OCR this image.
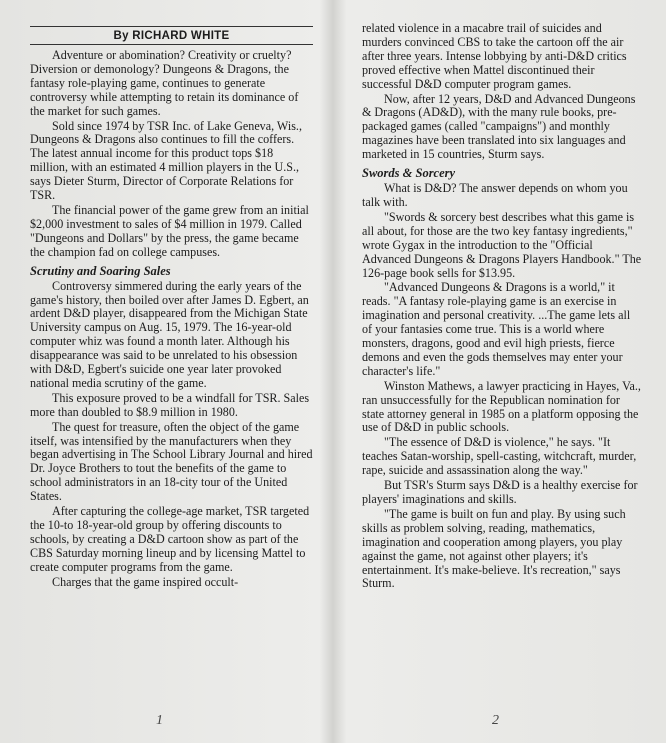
By RICHARD WHITE

Adventure or abomination? Creativity or cruelty? Diversion or demonology? Dungeons & Dragons, the fantasy role-playing game, continues to generate controversy while attempting to retain its dominance of the market for such games.

Sold since 1974 by TSR Inc. of Lake Geneva, Wis., Dungeons & Dragons also continues to fill the coffers. The latest annual income for this product tops $18 million, with an estimated 4 million players in the U.S., says Dieter Sturm, Director of Corporate Relations for TSR.

The financial power of the game grew from an initial $2,000 investment to sales of $4 million in 1979. Called "Dungeons and Dollars" by the press, the game became the champion fad on college campuses.

Scrutiny and Soaring Sales

Controversy simmered during the early years of the game's history, then boiled over after James D. Egbert, an ardent D&D player, disappeared from the Michigan State University campus on Aug. 15, 1979. The 16-year-old computer whiz was found a month later. Although his disappearance was said to be unrelated to his obsession with D&D, Egbert's suicide one year later provoked national media scrutiny of the game.

This exposure proved to be a windfall for TSR. Sales more than doubled to $8.9 million in 1980.

The quest for treasure, often the object of the game itself, was intensified by the manufacturers when they began advertising in The School Library Journal and hired Dr. Joyce Brothers to tout the benefits of the game to school administrators in an 18-city tour of the United States.

After capturing the college-age market, TSR targeted the 10-to 18-year-old group by offering discounts to schools, by creating a D&D cartoon show as part of the CBS Saturday morning lineup and by licensing Mattel to create computer programs from the game.

Charges that the game inspired occult-

related violence in a macabre trail of suicides and murders convinced CBS to take the cartoon off the air after three years. Intense lobbying by anti-D&D critics proved effective when Mattel discontinued their successful D&D computer program games.

Now, after 12 years, D&D and Advanced Dungeons & Dragons (AD&D), with the many rule books, pre-packaged games (called "campaigns") and monthly magazines have been translated into six languages and marketed in 15 countries, Sturm says.

Swords & Sorcery

What is D&D? The answer depends on whom you talk with.

"Swords & sorcery best describes what this game is all about, for those are the two key fantasy ingredients," wrote Gygax in the introduction to the "Official Advanced Dungeons & Dragons Players Handbook." The 126-page book sells for $13.95.

"Advanced Dungeons & Dragons is a world," it reads. "A fantasy role-playing game is an exercise in imagination and personal creativity. ...The game lets all of your fantasies come true. This is a world where monsters, dragons, good and evil high priests, fierce demons and even the gods themselves may enter your character's life."

Winston Mathews, a lawyer practicing in Hayes, Va., ran unsuccessfully for the Republican nomination for state attorney general in 1985 on a platform opposing the use of D&D in public schools.

"The essence of D&D is violence," he says. "It teaches Satan-worship, spell-casting, witchcraft, murder, rape, suicide and assassination along the way."

But TSR's Sturm says D&D is a healthy exercise for players' imaginations and skills.

"The game is built on fun and play. By using such skills as problem solving, reading, mathematics, imagination and cooperation among players, you play against the game, not against other players; it's entertainment. It's make-believe. It's recreation," says Sturm.

1	2
